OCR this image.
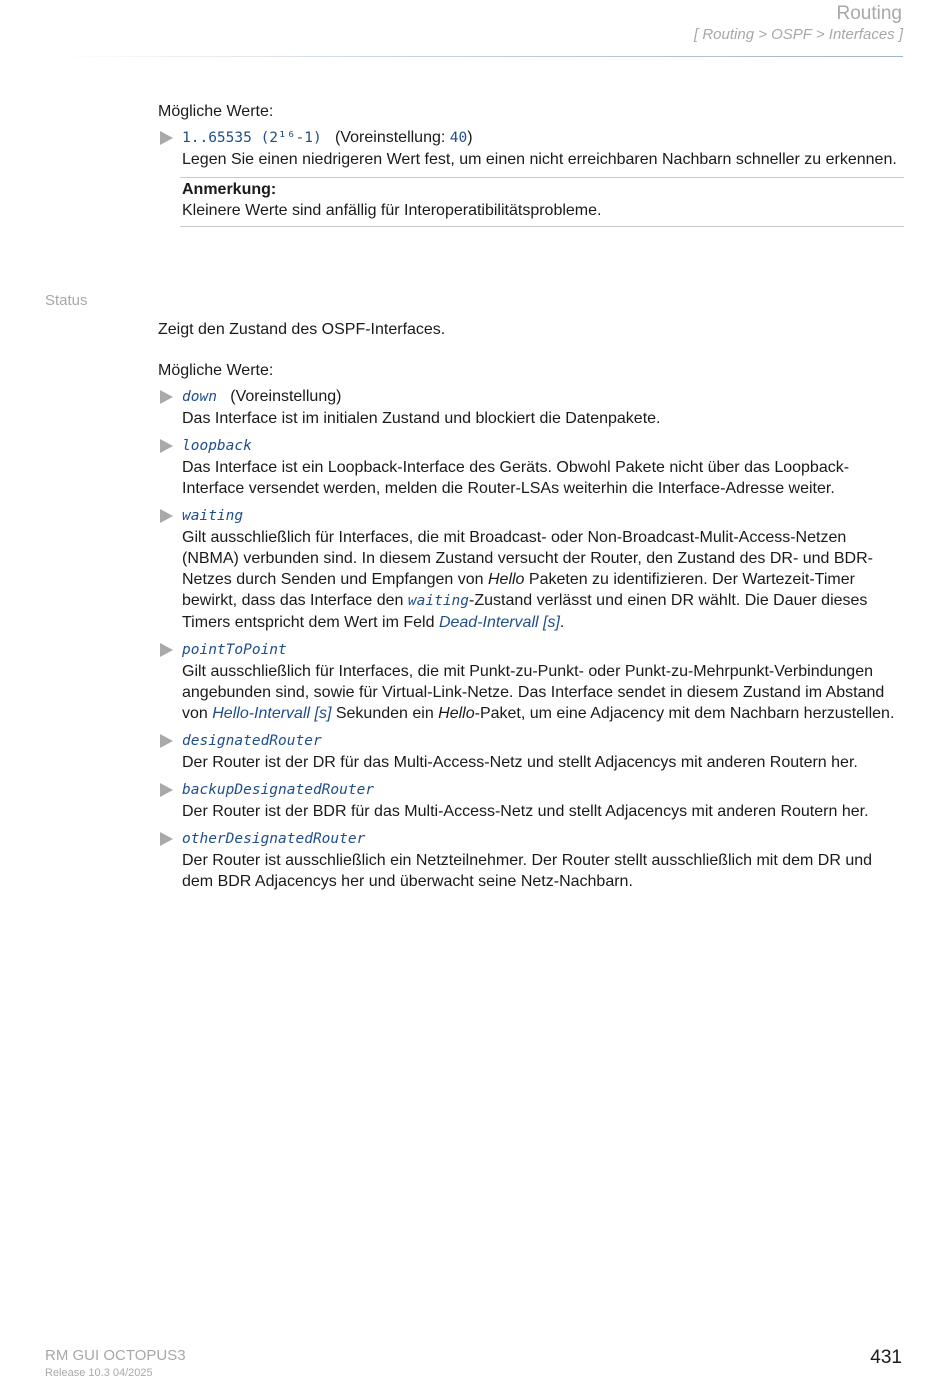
Routing
[ Routing > OSPF > Interfaces ]
Mögliche Werte:
1..65535 (2¹⁶-1) (Voreinstellung: 40)
Legen Sie einen niedrigeren Wert fest, um einen nicht erreichbaren Nachbarn schneller zu erkennen.
Anmerkung:
Kleinere Werte sind anfällig für Interoperatibilitätsprobleme.
Status
Zeigt den Zustand des OSPF-Interfaces.
Mögliche Werte:
down (Voreinstellung)
Das Interface ist im initialen Zustand und blockiert die Datenpakete.
loopback
Das Interface ist ein Loopback-Interface des Geräts. Obwohl Pakete nicht über das Loopback-Interface versendet werden, melden die Router-LSAs weiterhin die Interface-Adresse weiter.
waiting
Gilt ausschließlich für Interfaces, die mit Broadcast- oder Non-Broadcast-Mulit-Access-Netzen (NBMA) verbunden sind. In diesem Zustand versucht der Router, den Zustand des DR- und BDR-Netzes durch Senden und Empfangen von Hello Paketen zu identifizieren. Der Wartezeit-Timer bewirkt, dass das Interface den waiting-Zustand verlässt und einen DR wählt. Die Dauer dieses Timers entspricht dem Wert im Feld Dead-Intervall [s].
pointToPoint
Gilt ausschließlich für Interfaces, die mit Punkt-zu-Punkt- oder Punkt-zu-Mehrpunkt-Verbindungen angebunden sind, sowie für Virtual-Link-Netze. Das Interface sendet in diesem Zustand im Abstand von Hello-Intervall [s] Sekunden ein Hello-Paket, um eine Adjacency mit dem Nachbarn herzustellen.
designatedRouter
Der Router ist der DR für das Multi-Access-Netz und stellt Adjacencys mit anderen Routern her.
backupDesignatedRouter
Der Router ist der BDR für das Multi-Access-Netz und stellt Adjacencys mit anderen Routern her.
otherDesignatedRouter
Der Router ist ausschließlich ein Netzteilnehmer. Der Router stellt ausschließlich mit dem DR und dem BDR Adjacencys her und überwacht seine Netz-Nachbarn.
RM GUI OCTOPUS3
Release 10.3 04/2025
431
